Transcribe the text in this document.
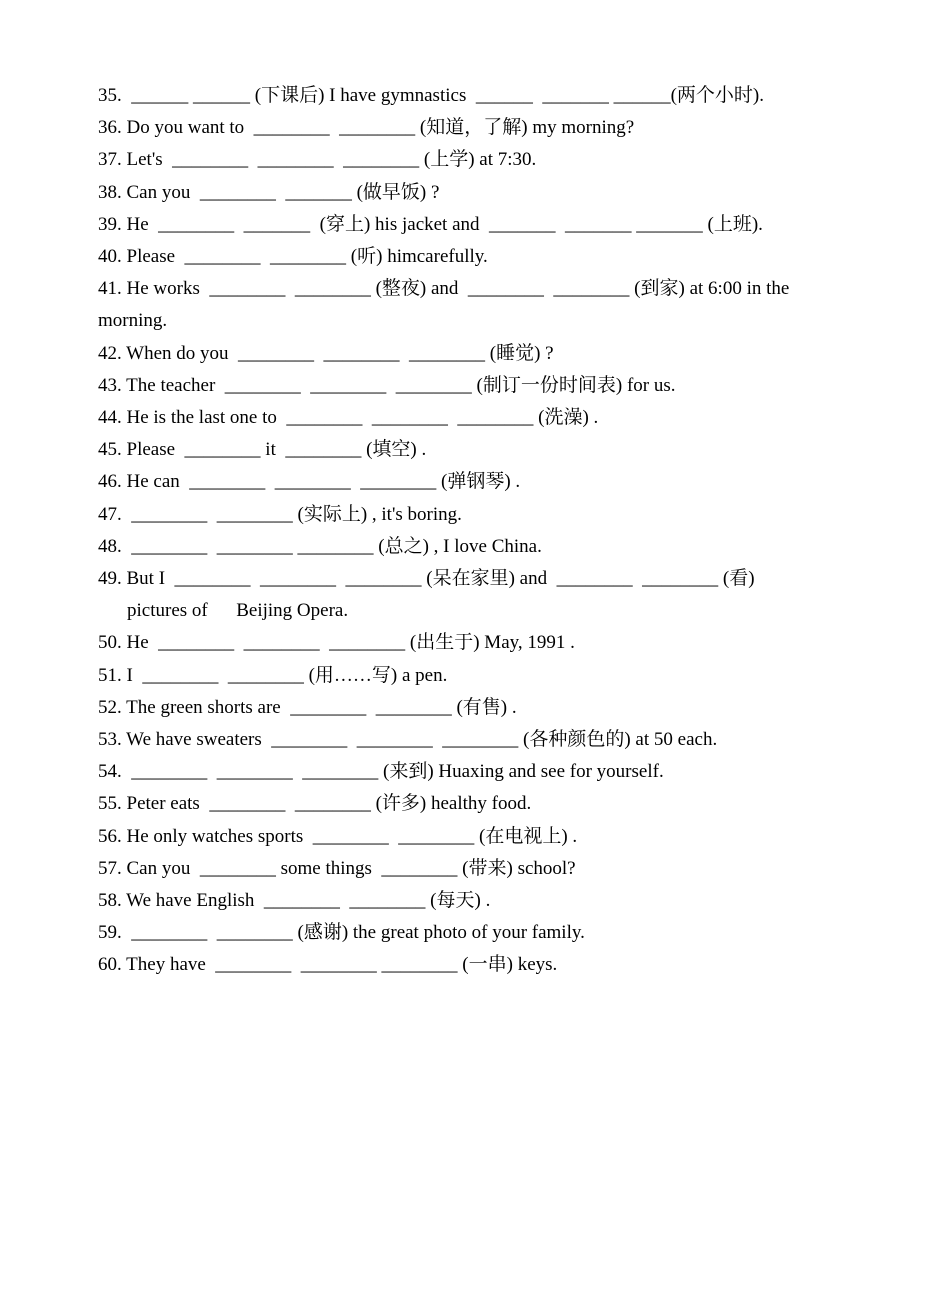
35.  ______ ______ (下课后) I have gymnastics  ______  _______ ______(两个小时).

36. Do you want to  ________  ________ (知道，了解) my morning?

37. Let's  ________  ________  ________ (上学) at 7:30.

38. Can you  ________  _______ (做早饭) ?

39. He  ________  _______  (穿上) his jacket and  _______  _______ _______ (上班).

40. Please  ________  ________ (听) himcarefully.

41. He works  ________  ________ (整夜) and  ________  ________ (到家) at 6:00 in the

morning.

42. When do you  ________  ________  ________ (睡觉) ?

43. The teacher  ________  ________  ________ (制订一份时间表) for us.

44. He is the last one to  ________  ________  ________ (洗澡) .

45. Please  ________ it  ________ (填空) .

46. He can  ________  ________  ________ (弹钢琴) .

47.  ________  ________ (实际上) , it's boring.

48.  ________  ________ ________ (总之) , I love China.

49. But I  ________  ________  ________ (呆在家里) and  ________  ________ (看)

pictures of      Beijing Opera.

50. He  ________  ________  ________ (出生于) May, 1991 .

51. I  ________  ________ (用……写) a pen.

52. The green shorts are  ________  ________ (有售) .

53. We have sweaters  ________  ________  ________ (各种颜色的) at 50 each.

54.  ________  ________  ________ (来到) Huaxing and see for yourself.

55. Peter eats  ________  ________ (许多) healthy food.

56. He only watches sports  ________  ________ (在电视上) .

57. Can you  ________ some things  ________ (带来) school?

58. We have English  ________  ________ (每天) .

59.  ________  ________ (感谢) the great photo of your family.

60. They have  ________  ________ ________ (一串) keys.
